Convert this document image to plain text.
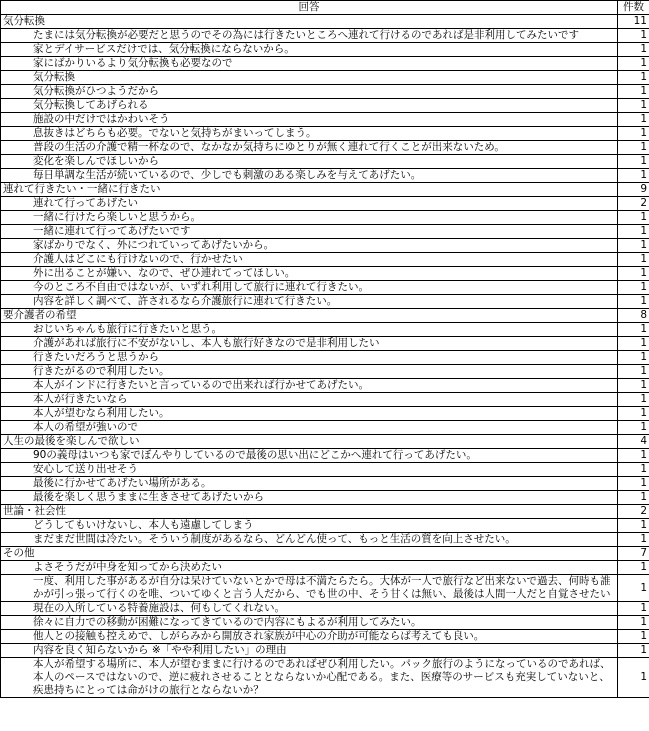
回答	件数
気分転換	11
たまには気分転換が必要だと思うのでその為には行きたいところへ連れて行けるのであれば是非利用してみたいです	1
家とデイサービスだけでは、気分転換にならないから。	1
家にばかりいるより気分転換も必要なので	1
気分転換	1
気分転換がひつようだから	1
気分転換してあげられる	1
施設の中だけではかわいそう	1
息抜きはどちらも必要。でないと気持ちがまいってしまう。	1
普段の生活の介護で精一杯なので、なかなか気持ちにゆとりが無く連れて行くことが出来ないため。	1
変化を楽しんでほしいから	1
毎日単調な生活が続いているので、少しでも刺激のある楽しみを与えてあげたい。	1
連れて行きたい・一緒に行きたい	9
連れて行ってあげたい	2
一緒に行けたら楽しいと思うから。	1
一緒に連れて行ってあげたいです	1
家ばかりでなく、外につれていってあげたいから。	1
介護人はどこにも行けないので、行かせたい	1
外に出ることが嫌い、なので、ぜひ連れてってほしい。	1
今のところ不自由ではないが、いずれ利用して旅行に連れて行きたい。	1
内容を詳しく調べて、許されるなら介護旅行に連れて行きたい。	1
要介護者の希望	8
おじいちゃんも旅行に行きたいと思う。	1
介護があれば旅行に不安がないし、本人も旅行好きなので是非利用したい	1
行きたいだろうと思うから	1
行きたがるので利用したい。	1
本人がインドに行きたいと言っているので出来れば行かせてあげたい。	1
本人が行きたいなら	1
本人が望むなら利用したい。	1
本人の希望が強いので	1
人生の最後を楽しんで欲しい	4
90の義母はいつも家でぼんやりしているので最後の思い出にどこかへ連れて行ってあげたい。	1
安心して送り出せそう	1
最後に行かせてあげたい場所がある。	1
最後を楽しく思うままに生きさせてあげたいから	1
世論・社会性	2
どうしてもいけないし、本人も遠慮してしまう	1
まだまだ世間は冷たい。そういう制度があるなら、どんどん使って、もっと生活の質を向上させたい。	1
その他	7
よさそうだが中身を知ってから決めたい	1
一度、利用した事があるが自分は呆けていないとかで母は不満たらたら。大体が一人で旅行など出来ないで過去、何時も誰かが引っ張って行くのを唯、ついてゆくと言う人だから、でも世の中、そう甘くは無い、最後は人間一人だと自覚させたい	1
現在の入所している特養施設は、何もしてくれない。	1
徐々に自力での移動が困難になってきているので内容にもよるが利用してみたい。	1
他人との接触も控えめで、しがらみから開放され家族が中心の介助が可能ならば考えても良い。	1
内容を良く知らないから ※「やや利用したい」の理由	1
本人が希望する場所に、本人が望むままに行けるのであればぜひ利用したい。パック旅行のようになっているのであれば、本人のペースではないので、逆に疲れさせることとならないか心配である。また、医療等のサービスも充実していないと、疾患持ちにとっては命がけの旅行とならないか？	1
